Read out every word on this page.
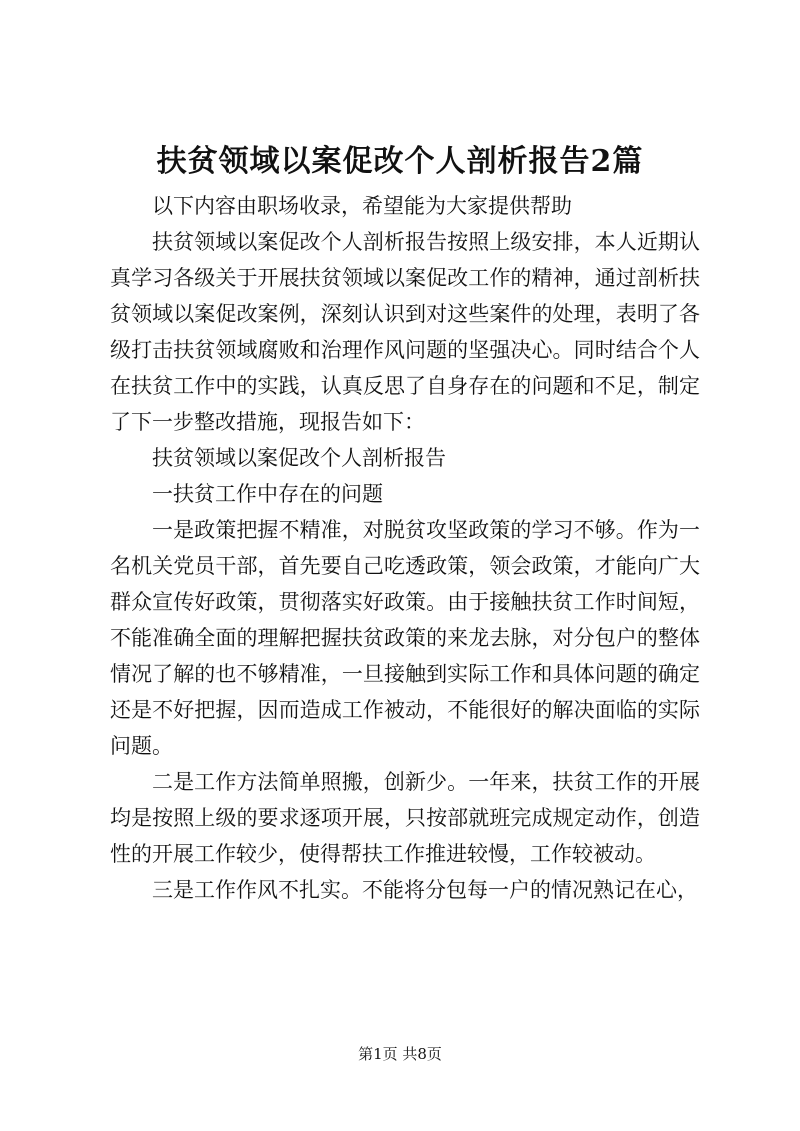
扶贫领域以案促改个人剖析报告2篇

以下内容由职场收录，希望能为大家提供帮助

扶贫领域以案促改个人剖析报告按照上级安排，本人近期认真学习各级关于开展扶贫领域以案促改工作的精神，通过剖析扶贫领域以案促改案例，深刻认识到对这些案件的处理，表明了各级打击扶贫领域腐败和治理作风问题的坚强决心。同时结合个人在扶贫工作中的实践，认真反思了自身存在的问题和不足，制定了下一步整改措施，现报告如下：

扶贫领域以案促改个人剖析报告

一扶贫工作中存在的问题

一是政策把握不精准，对脱贫攻坚政策的学习不够。作为一名机关党员干部，首先要自己吃透政策，领会政策，才能向广大群众宣传好政策，贯彻落实好政策。由于接触扶贫工作时间短，不能准确全面的理解把握扶贫政策的来龙去脉，对分包户的整体情况了解的也不够精准，一旦接触到实际工作和具体问题的确定还是不好把握，因而造成工作被动，不能很好的解决面临的实际问题。

二是工作方法简单照搬，创新少。一年来，扶贫工作的开展均是按照上级的要求逐项开展，只按部就班完成规定动作，创造性的开展工作较少，使得帮扶工作推进较慢，工作较被动。

三是工作作风不扎实。不能将分包每一户的情况熟记在心，

第1页 共8页
